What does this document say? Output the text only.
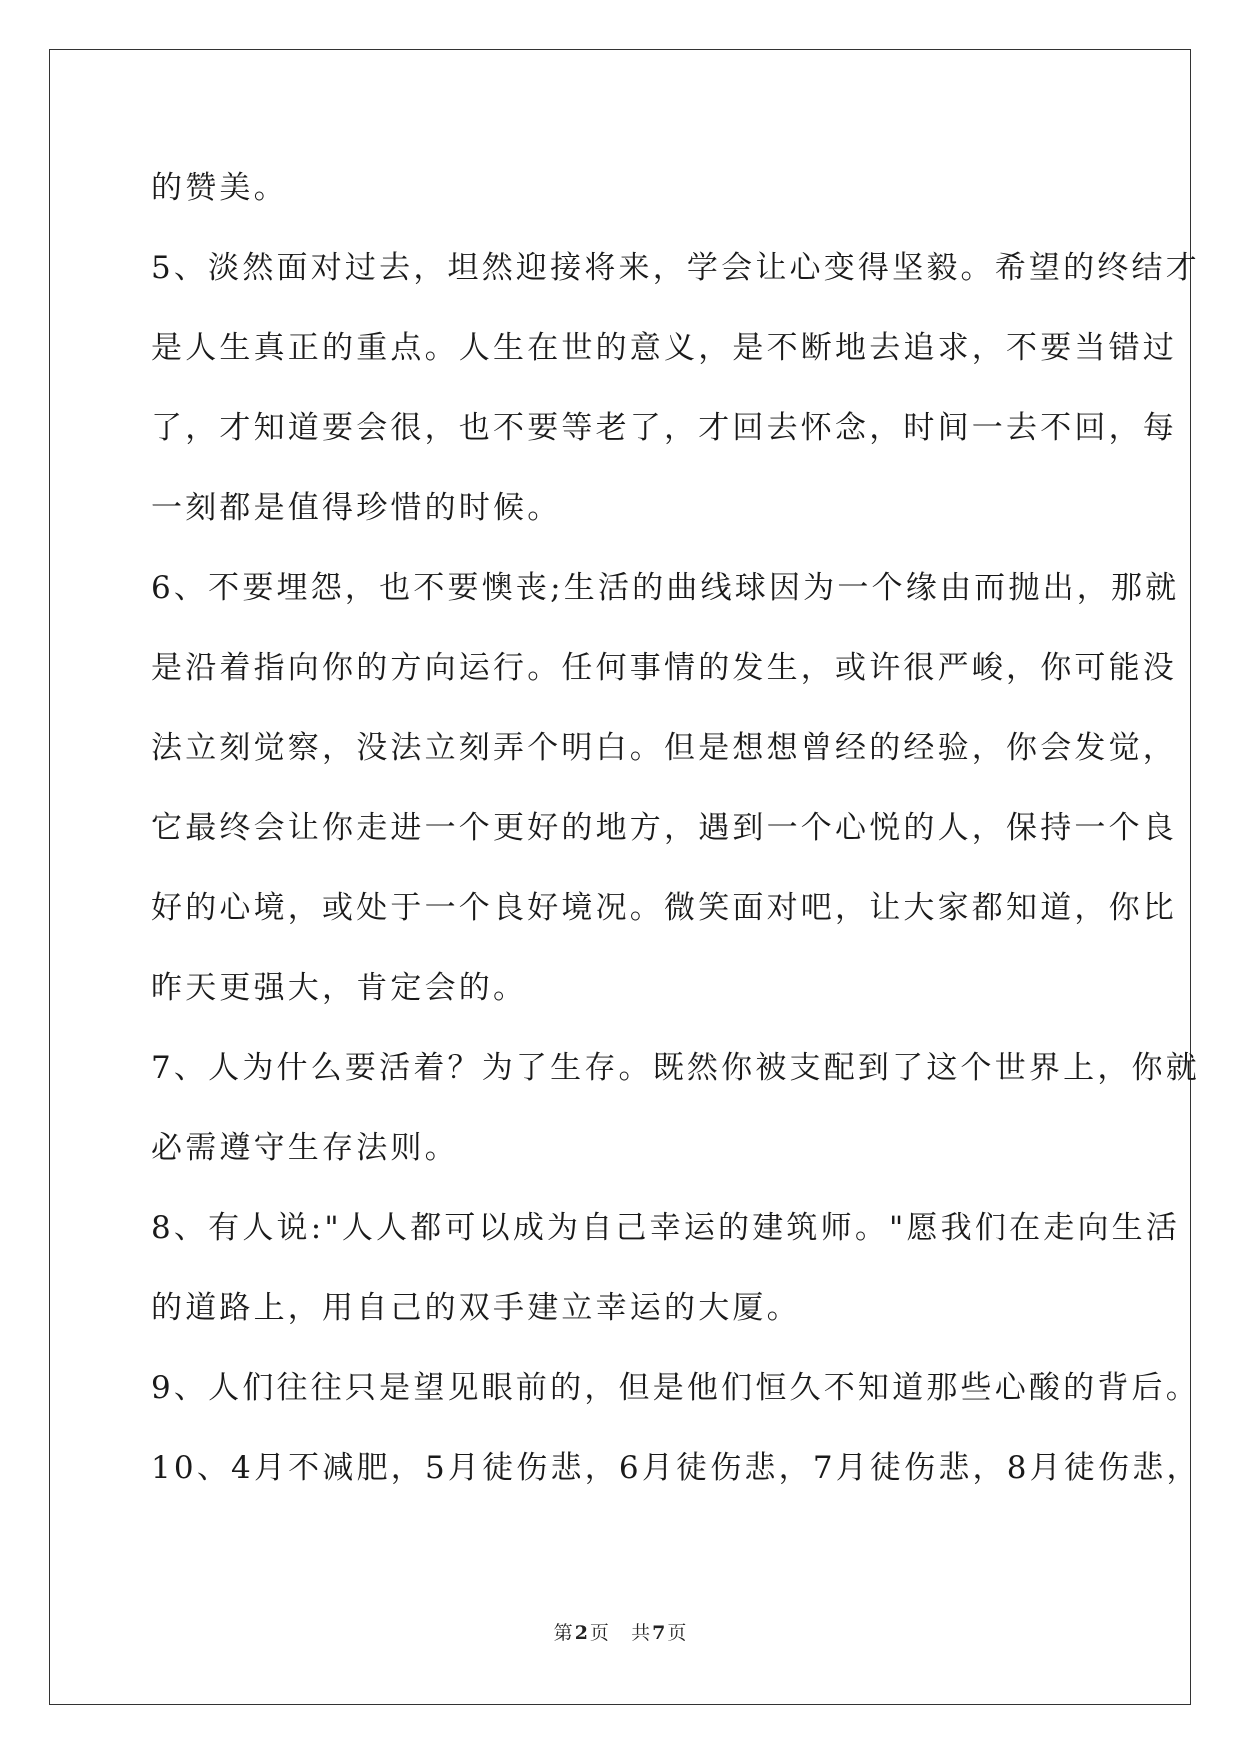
的赞美。
5、淡然面对过去，坦然迎接将来，学会让心变得坚毅。希望的终结才
是人生真正的重点。人生在世的意义，是不断地去追求，不要当错过
了，才知道要会很，也不要等老了，才回去怀念，时间一去不回，每
一刻都是值得珍惜的时候。
6、不要埋怨，也不要懊丧;生活的曲线球因为一个缘由而抛出，那就
是沿着指向你的方向运行。任何事情的发生，或许很严峻，你可能没
法立刻觉察，没法立刻弄个明白。但是想想曾经的经验，你会发觉，
它最终会让你走进一个更好的地方，遇到一个心悦的人，保持一个良
好的心境，或处于一个良好境况。微笑面对吧，让大家都知道，你比
昨天更强大，肯定会的。
7、人为什么要活着？为了生存。既然你被支配到了这个世界上，你就
必需遵守生存法则。
8、有人说:"人人都可以成为自己幸运的建筑师。"愿我们在走向生活
的道路上，用自己的双手建立幸运的大厦。
9、人们往往只是望见眼前的，但是他们恒久不知道那些心酸的背后。
10、4月不减肥，5月徒伤悲，6月徒伤悲，7月徒伤悲，8月徒伤悲，
第2页 共7页
